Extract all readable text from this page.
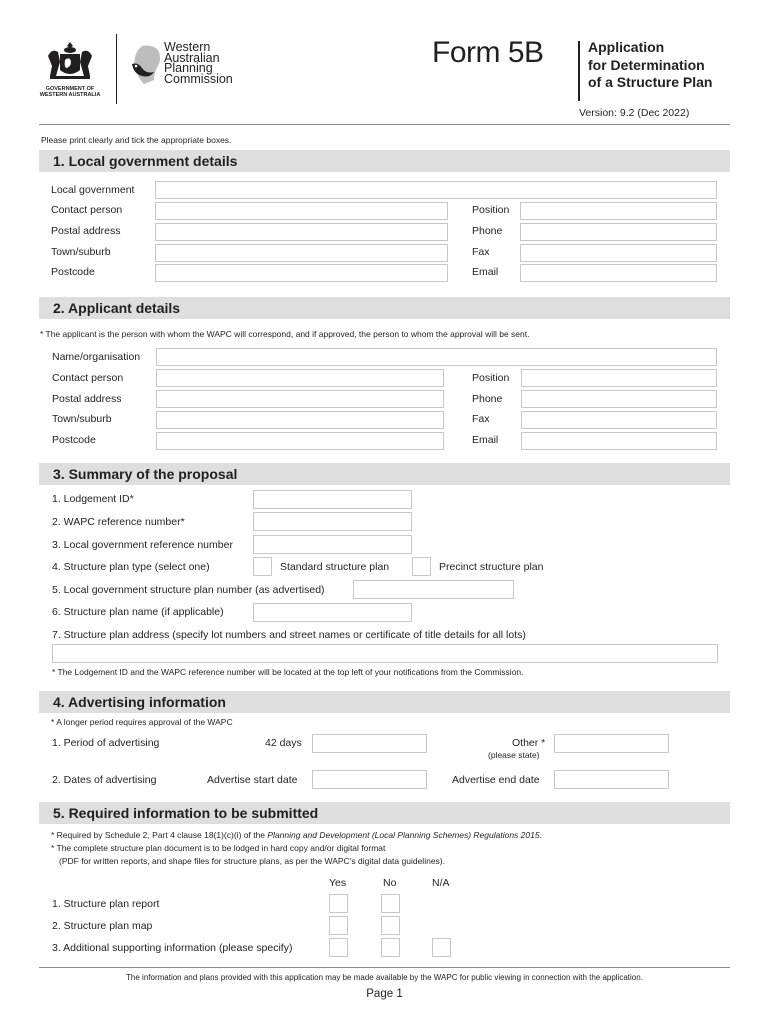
GOVERNMENT OF
WESTERN AUSTRALIA
Western
Australian
Planning
Commission
Form 5B	Application
for Determination
of a Structure Plan
Version: 9.2 (Dec 2022)
Please print clearly and tick the appropriate boxes.
1. Local government details
Local government
Contact person	Position
Postal address	Phone
Town/suburb	Fax
Postcode	Email
2. Applicant details
* The applicant is the person with whom the WAPC will correspond, and if approved, the person to whom the approval will be sent.
Name/organisation
Contact person	Position
Postal address	Phone
Town/suburb	Fax
Postcode	Email
3. Summary of the proposal
1. Lodgement ID*
2. WAPC reference number*
3. Local government reference number
4. Structure plan type (select one)	Standard structure plan	Precinct structure plan
5. Local government structure plan number (as advertised)
6. Structure plan name (if applicable)
7. Structure plan address (specify lot numbers and street names or certificate of title details for all lots)
* The Lodgement ID and the WAPC reference number will be located at the top left of your notifications from the Commission.
4. Advertising information
* A longer period requires approval of the WAPC
1. Period of advertising	42 days	Other *
(please state)
2. Dates of advertising	Advertise start date	Advertise end date
5. Required information to be submitted
* Required by Schedule 2, Part 4 clause 18(1)(c)(i) of the Planning and Development (Local Planning Schemes) Regulations 2015.
* The complete structure plan document is to be lodged in hard copy and/or digital format
(PDF for written reports, and shape files for structure plans, as per the WAPC’s digital data guidelines).
Yes	No	N/A
1. Structure plan report
2. Structure plan map
3. Additional supporting information (please specify)
The information and plans provided with this application may be made available by the WAPC for public viewing in connection with the application.
Page 1
